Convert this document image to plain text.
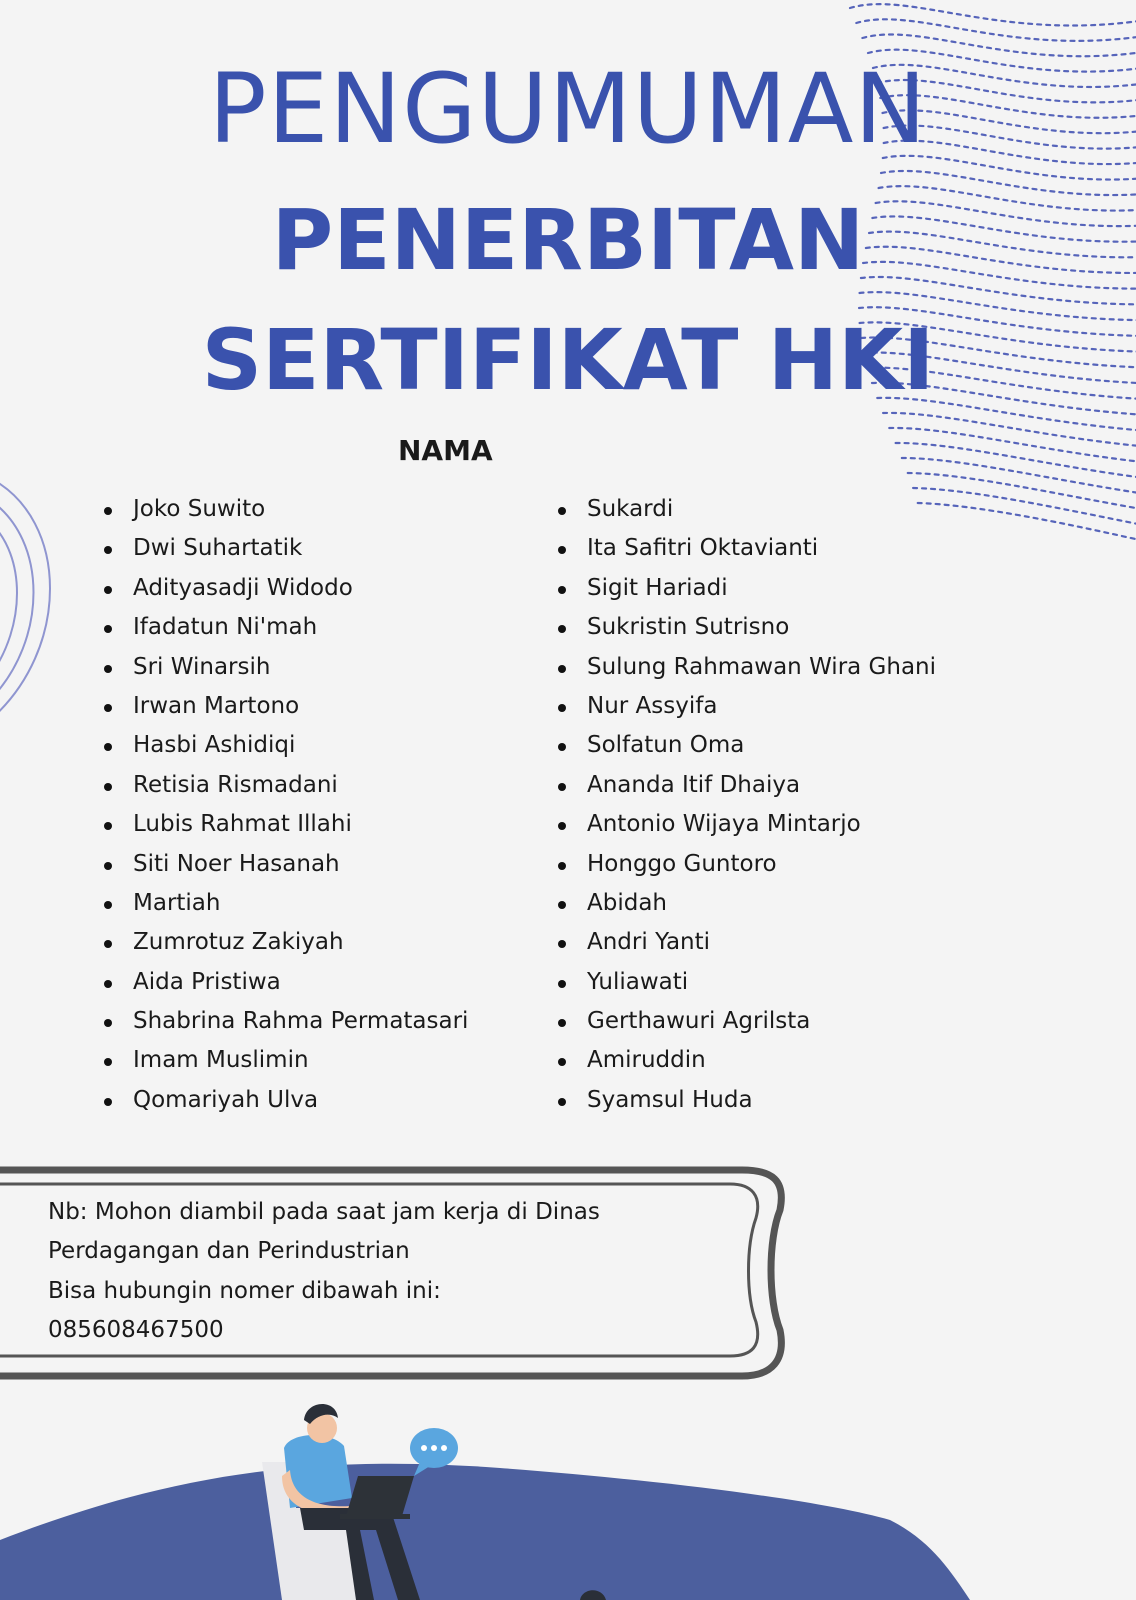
PENGUMUMAN
PENERBITAN
SERTIFIKAT HKI
NAMA
Joko Suwito
Dwi Suhartatik
Adityasadji Widodo
Ifadatun Ni'mah
Sri Winarsih
Irwan Martono
Hasbi Ashidiqi
Retisia Rismadani
Lubis Rahmat Illahi
Siti Noer Hasanah
Martiah
Zumrotuz Zakiyah
Aida Pristiwa
Shabrina Rahma Permatasari
Imam Muslimin
Qomariyah Ulva
Sukardi
Ita Safitri Oktavianti
Sigit Hariadi
Sukristin Sutrisno
Sulung Rahmawan Wira Ghani
Nur Assyifa
Solfatun Oma
Ananda Itif Dhaiya
Antonio Wijaya Mintarjo
Honggo Guntoro
Abidah
Andri Yanti
Yuliawati
Gerthawuri Agrilsta
Amiruddin
Syamsul Huda
Nb: Mohon diambil pada saat jam kerja di Dinas
Perdagangan dan Perindustrian
Bisa hubungin nomer dibawah ini:
085608467500
